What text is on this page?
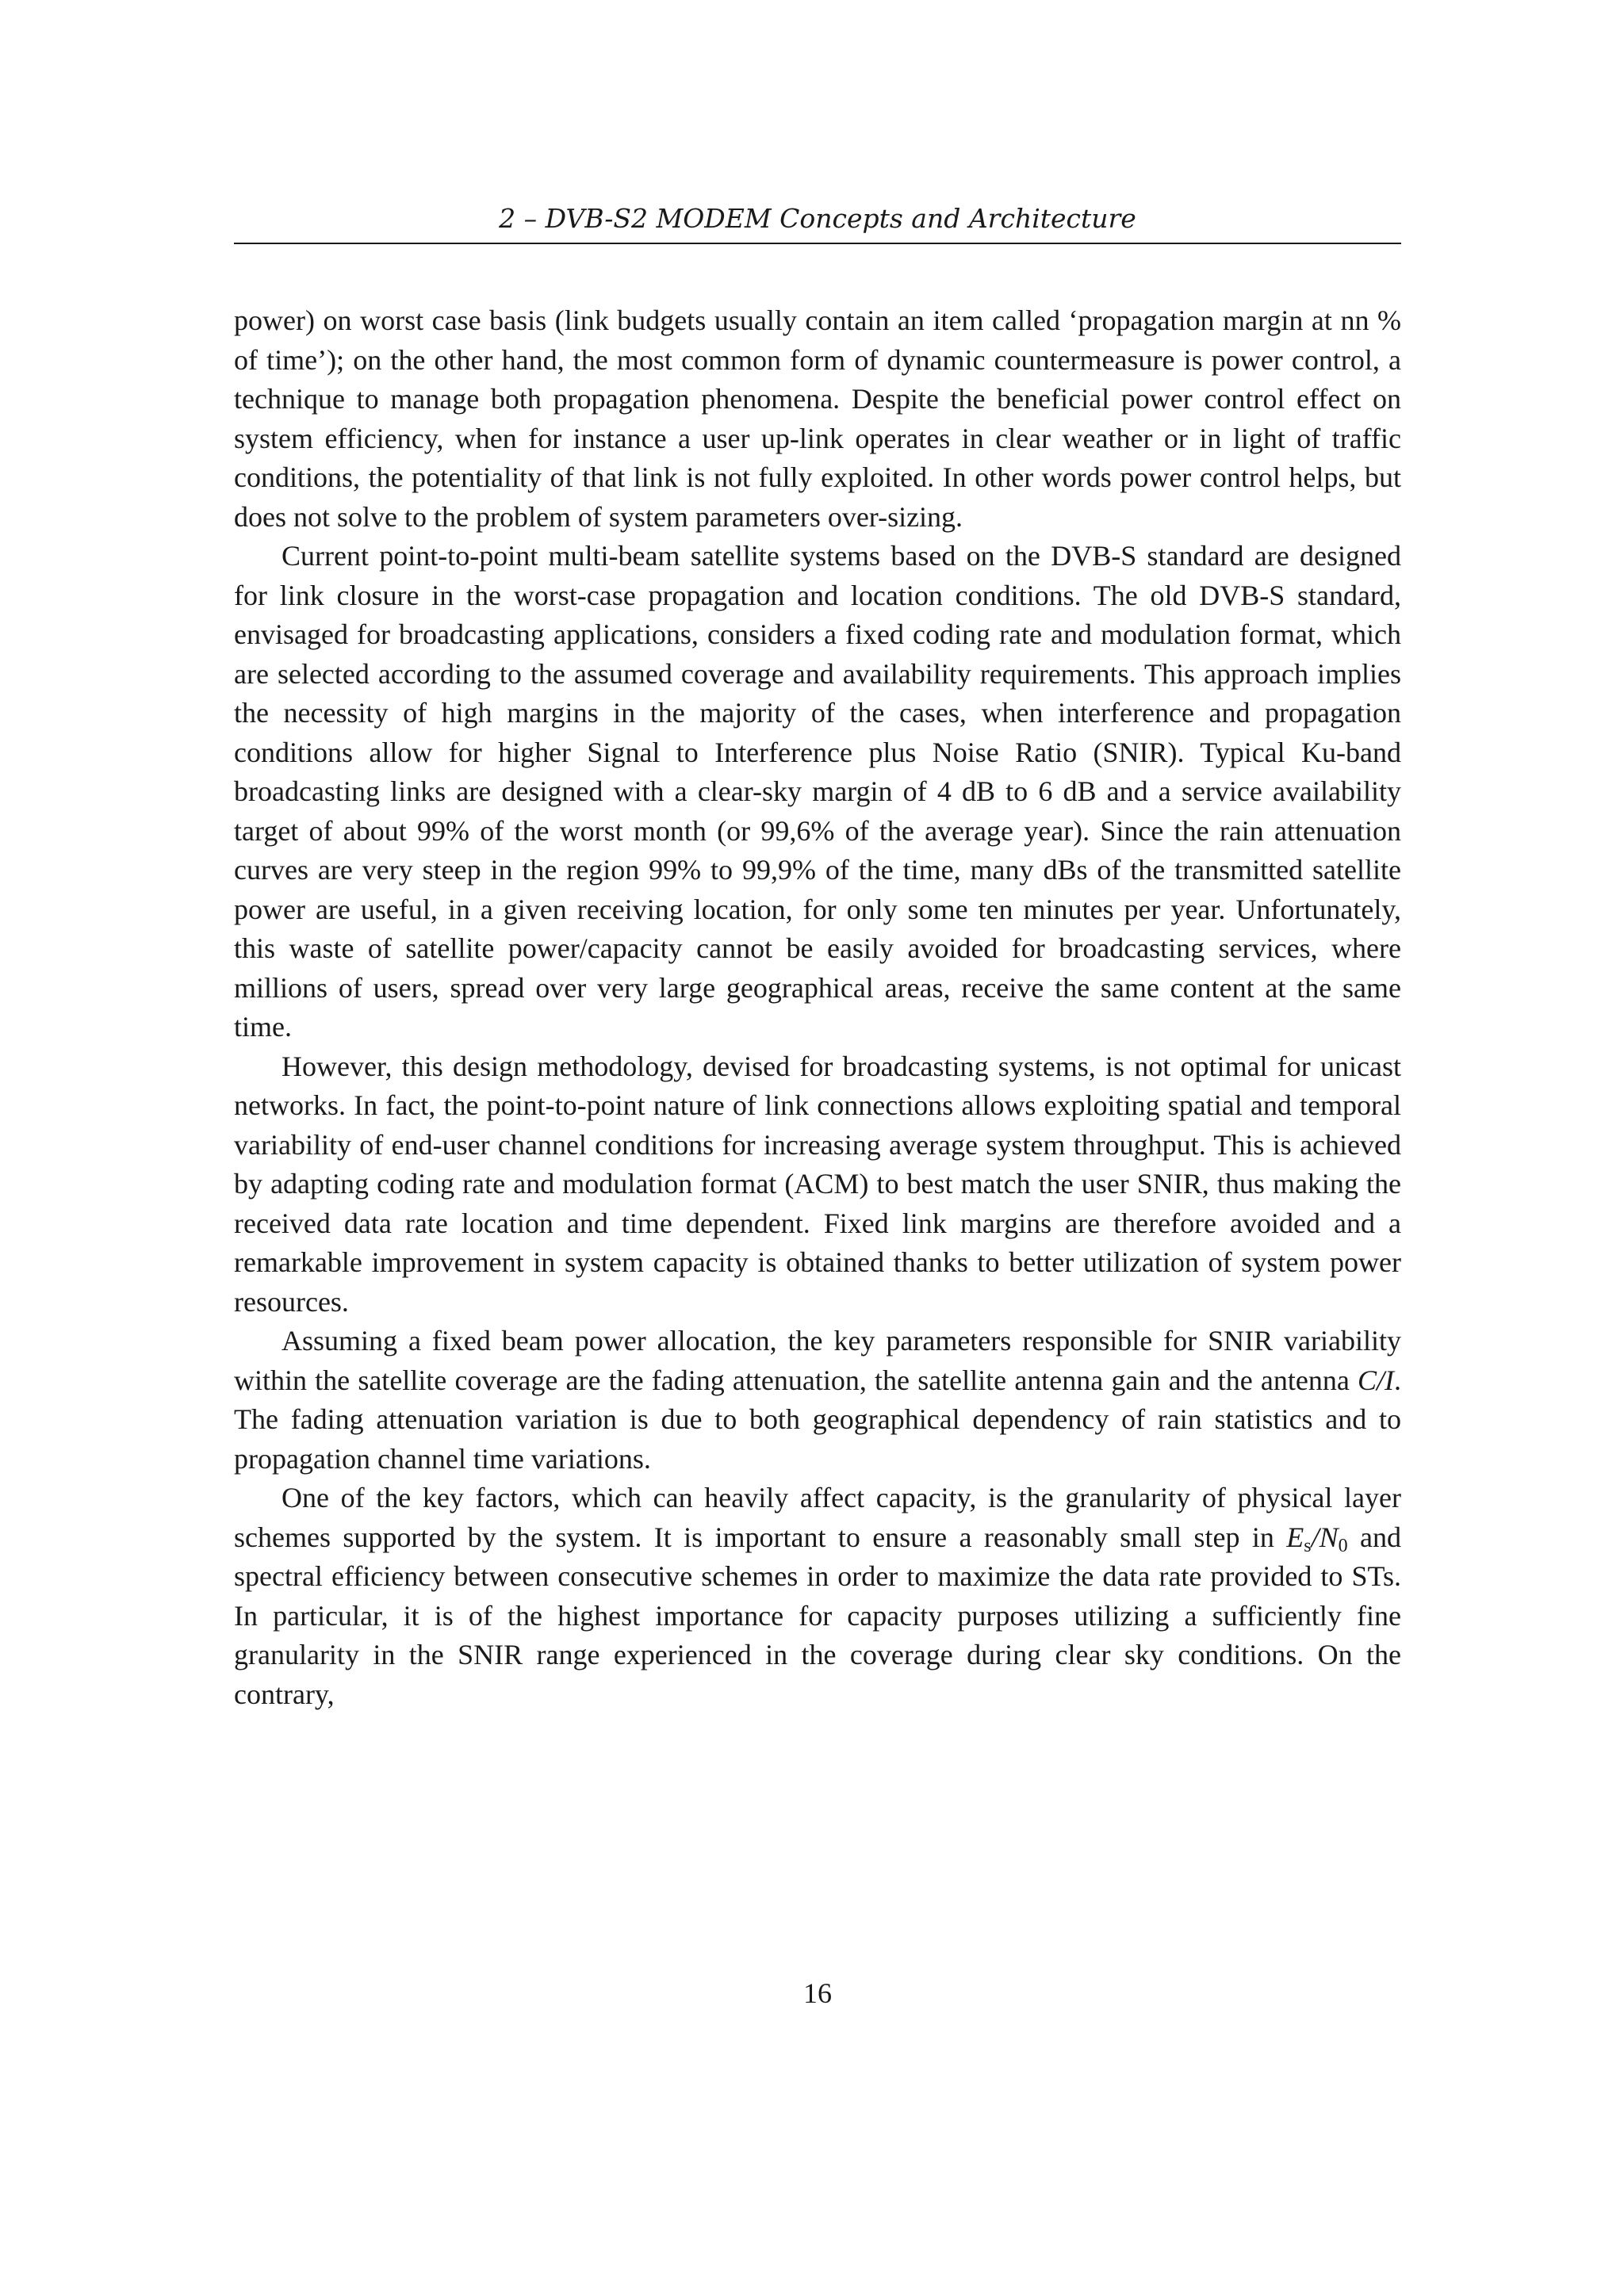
2 – DVB-S2 MODEM Concepts and Architecture

power) on worst case basis (link budgets usually contain an item called ‘propagation margin at nn % of time’); on the other hand, the most common form of dynamic countermeasure is power control, a technique to manage both propagation phenomena. Despite the beneficial power control effect on system efficiency, when for instance a user up-link operates in clear weather or in light of traffic conditions, the potentiality of that link is not fully exploited. In other words power control helps, but does not solve to the problem of system parameters over-sizing.

Current point-to-point multi-beam satellite systems based on the DVB-S standard are designed for link closure in the worst-case propagation and location conditions. The old DVB-S standard, envisaged for broadcasting applications, considers a fixed coding rate and modulation format, which are selected according to the assumed coverage and availability requirements. This approach implies the necessity of high margins in the majority of the cases, when interference and propagation conditions allow for higher Signal to Interference plus Noise Ratio (SNIR). Typical Ku-band broadcasting links are designed with a clear-sky margin of 4 dB to 6 dB and a service availability target of about 99% of the worst month (or 99,6% of the average year). Since the rain attenuation curves are very steep in the region 99% to 99,9% of the time, many dBs of the transmitted satellite power are useful, in a given receiving location, for only some ten minutes per year. Unfortunately, this waste of satellite power/capacity cannot be easily avoided for broadcasting services, where millions of users, spread over very large geographical areas, receive the same content at the same time.

However, this design methodology, devised for broadcasting systems, is not optimal for unicast networks. In fact, the point-to-point nature of link connections allows exploiting spatial and temporal variability of end-user channel conditions for increasing average system throughput. This is achieved by adapting coding rate and modulation format (ACM) to best match the user SNIR, thus making the received data rate location and time dependent. Fixed link margins are therefore avoided and a remarkable improvement in system capacity is obtained thanks to better utilization of system power resources.

Assuming a fixed beam power allocation, the key parameters responsible for SNIR variability within the satellite coverage are the fading attenuation, the satellite antenna gain and the antenna C/I. The fading attenuation variation is due to both geographical dependency of rain statistics and to propagation channel time variations.

One of the key factors, which can heavily affect capacity, is the granularity of physical layer schemes supported by the system. It is important to ensure a reasonably small step in $E_s/N_0$ and spectral efficiency between consecutive schemes in order to maximize the data rate provided to STs. In particular, it is of the highest importance for capacity purposes utilizing a sufficiently fine granularity in the SNIR range experienced in the coverage during clear sky conditions. On the contrary,

16
